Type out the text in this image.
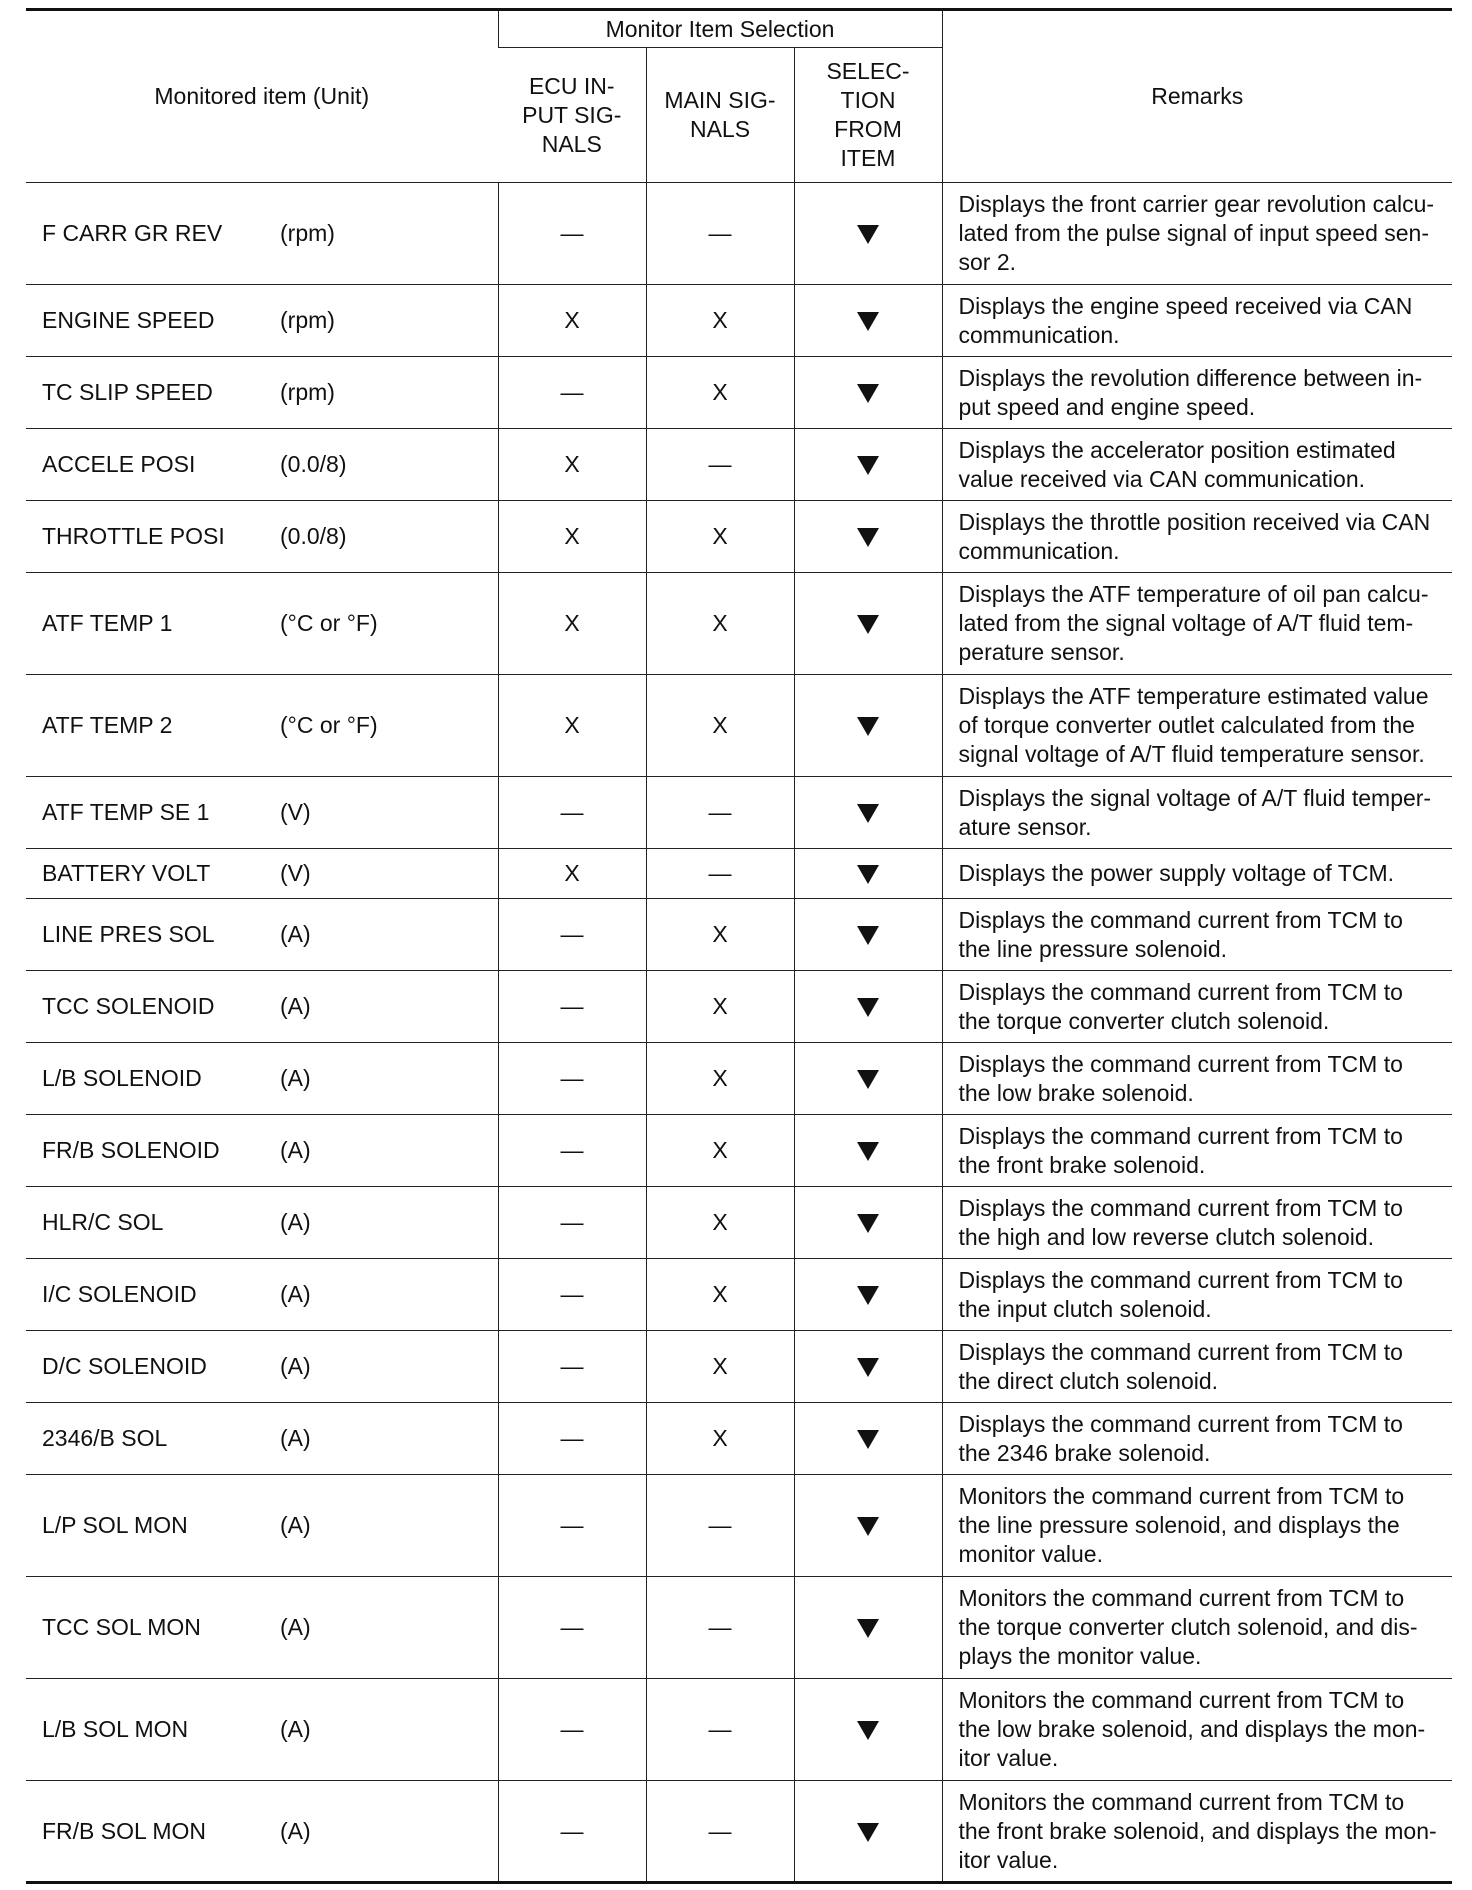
Monitored item (Unit)	Monitor Item Selection			Remarks
	ECU IN-
PUT SIG-
NALS	MAIN SIG-
NALS	SELEC-
TION
FROM
ITEM	
F CARR GR REV (rpm)	—	—		Displays the front carrier gear revolution calcu-
lated from the pulse signal of input speed sen-
sor 2.
ENGINE SPEED (rpm)	X	X		Displays the engine speed received via CAN
communication.
TC SLIP SPEED (rpm)	—	X		Displays the revolution difference between in-
put speed and engine speed.
ACCELE POSI (0.0/8)	X	—		Displays the accelerator position estimated
value received via CAN communication.
THROTTLE POSI (0.0/8)	X	X		Displays the throttle position received via CAN
communication.
ATF TEMP 1 (°C or °F)	X	X		Displays the ATF temperature of oil pan calcu-
lated from the signal voltage of A/T fluid tem-
perature sensor.
ATF TEMP 2 (°C or °F)	X	X		Displays the ATF temperature estimated value
of torque converter outlet calculated from the
signal voltage of A/T fluid temperature sensor.
ATF TEMP SE 1 (V)	—	—		Displays the signal voltage of A/T fluid temper-
ature sensor.
BATTERY VOLT (V)	X	—		Displays the power supply voltage of TCM.
LINE PRES SOL (A)	—	X		Displays the command current from TCM to
the line pressure solenoid.
TCC SOLENOID (A)	—	X		Displays the command current from TCM to
the torque converter clutch solenoid.
L/B SOLENOID (A)	—	X		Displays the command current from TCM to
the low brake solenoid.
FR/B SOLENOID (A)	—	X		Displays the command current from TCM to
the front brake solenoid.
HLR/C SOL (A)	—	X		Displays the command current from TCM to
the high and low reverse clutch solenoid.
I/C SOLENOID (A)	—	X		Displays the command current from TCM to
the input clutch solenoid.
D/C SOLENOID (A)	—	X		Displays the command current from TCM to
the direct clutch solenoid.
2346/B SOL (A)	—	X		Displays the command current from TCM to
the 2346 brake solenoid.
L/P SOL MON (A)	—	—		Monitors the command current from TCM to
the line pressure solenoid, and displays the
monitor value.
TCC SOL MON (A)	—	—		Monitors the command current from TCM to
the torque converter clutch solenoid, and dis-
plays the monitor value.
L/B SOL MON (A)	—	—		Monitors the command current from TCM to
the low brake solenoid, and displays the mon-
itor value.
FR/B SOL MON (A)	—	—		Monitors the command current from TCM to
the front brake solenoid, and displays the mon-
itor value.
